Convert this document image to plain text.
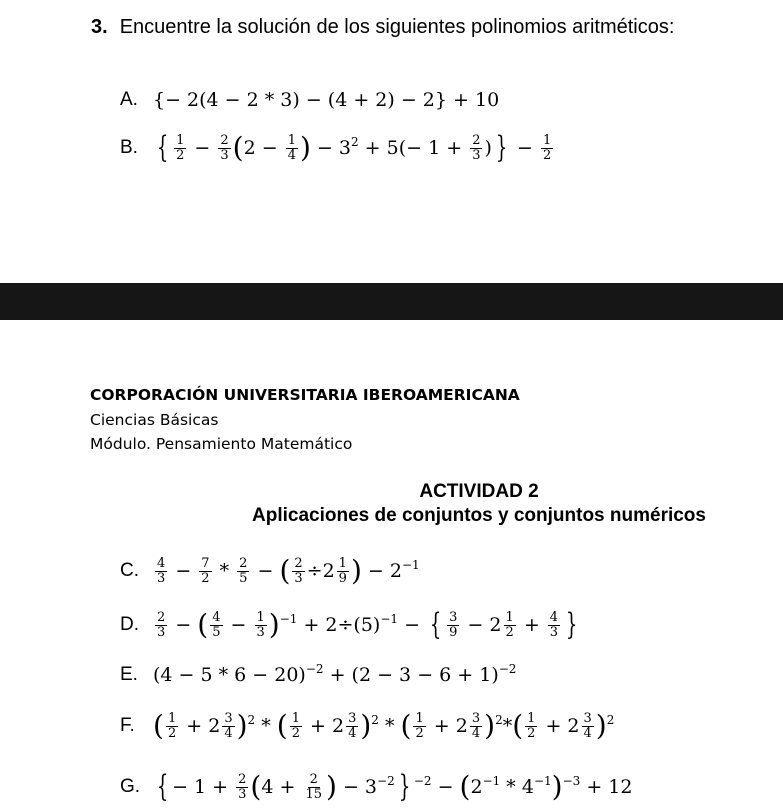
3. Encuentre la solución de los siguientes polinomios aritméticos:
A. {− 2(4 − 2 * 3) − (4 + 2) − 2} + 10
B. { $\frac{1}{2} - \frac{2}{3}$ ( $2 - \frac{1}{4}$ ) − $3^2 + 5(- 1 + \frac{2}{3}$ ) } − $\frac{1}{2}$
CORPORACIÓN UNIVERSITARIA IBEROAMERICANA
Ciencias Básicas
Módulo. Pensamiento Matemático
ACTIVIDAD 2
Aplicaciones de conjuntos y conjuntos numéricos
C.	$\frac{4}{3} - \frac{7}{2} * \frac{2}{5}$ − ( $\frac{2}{3} \div 2 \frac{1}{9}$ ) − $2^{-1}$
D.	$\frac{2}{3}$ − ( $\frac{4}{5} - \frac{1}{3} )^{-1} + 2\div(5)^{-1}$ − { $\frac{3}{9} - 2 \frac{1}{2} + \frac{4}{3}$ }
E. $(4 - 5 * 6 - 20)^{-2} + (2 - 3 - 6 + 1)^{-2}$
F. ( $\frac{1}{2} + 2 \frac{3}{4} )^2$ * ( $\frac{1}{2} + 2 \frac{3}{4} )^2$ * ( $\frac{1}{2} + 2 \frac{3}{4} )^2$ * ( $\frac{1}{2} + 2 \frac{3}{4} )^2$
G. { − $1 + \frac{2}{3}$ ( $4 + \frac{2}{15}$ ) − $3^{-2}$ } $^{-2}$ − ( $2^{-1} * 4^{-1}$ )$^{-3}$ + 12
